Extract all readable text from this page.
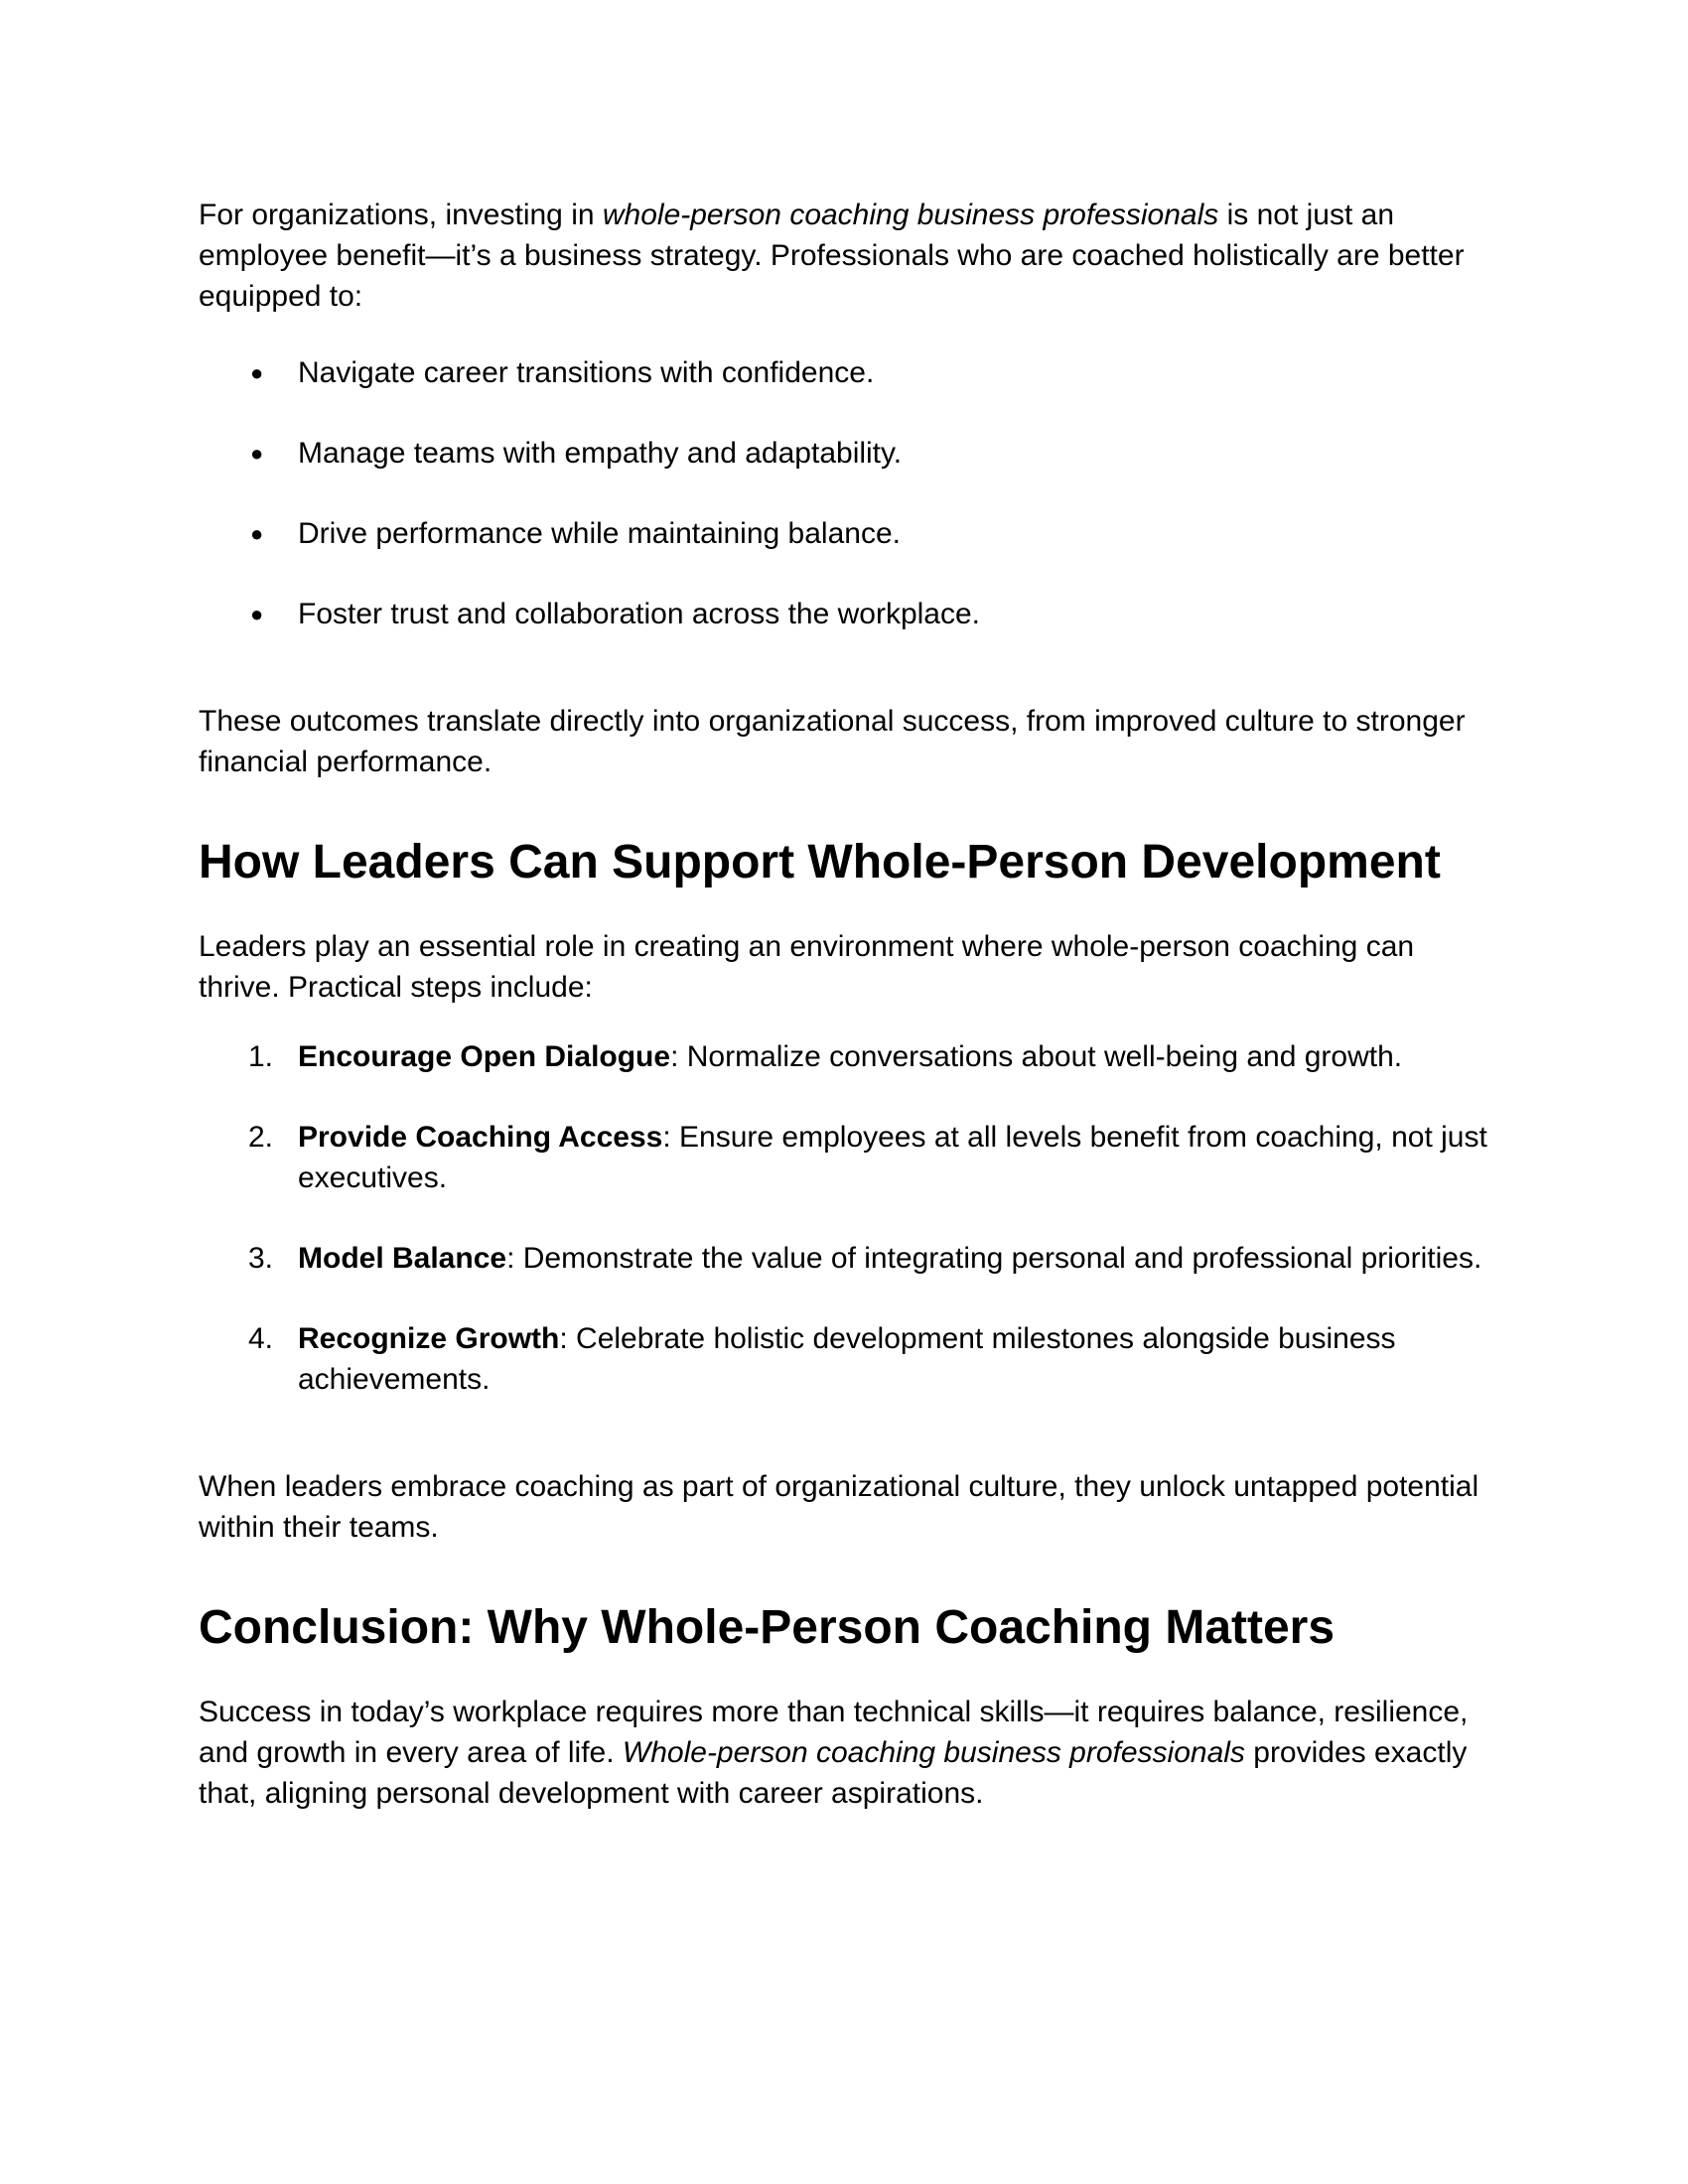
For organizations, investing in whole-person coaching business professionals is not just an employee benefit—it’s a business strategy. Professionals who are coached holistically are better equipped to:

● Navigate career transitions with confidence.
● Manage teams with empathy and adaptability.
● Drive performance while maintaining balance.
● Foster trust and collaboration across the workplace.

These outcomes translate directly into organizational success, from improved culture to stronger financial performance.

How Leaders Can Support Whole-Person Development

Leaders play an essential role in creating an environment where whole-person coaching can thrive. Practical steps include:

1. Encourage Open Dialogue: Normalize conversations about well-being and growth.
2. Provide Coaching Access: Ensure employees at all levels benefit from coaching, not just executives.
3. Model Balance: Demonstrate the value of integrating personal and professional priorities.
4. Recognize Growth: Celebrate holistic development milestones alongside business achievements.

When leaders embrace coaching as part of organizational culture, they unlock untapped potential within their teams.

Conclusion: Why Whole-Person Coaching Matters

Success in today’s workplace requires more than technical skills—it requires balance, resilience, and growth in every area of life. Whole-person coaching business professionals provides exactly that, aligning personal development with career aspirations.
